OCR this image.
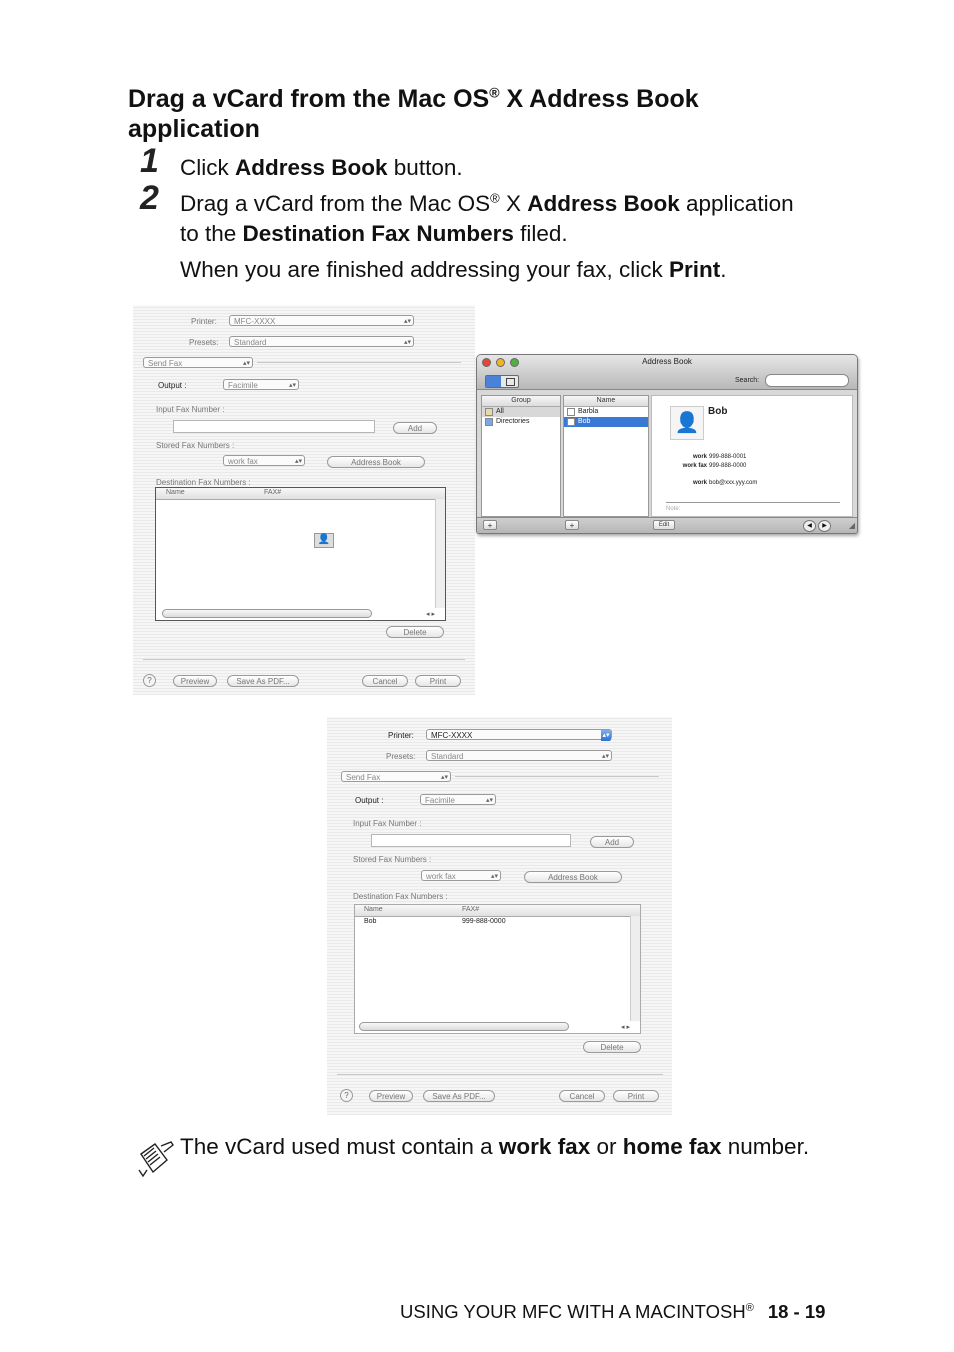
Drag a vCard from the Mac OS® X Address Book
application
1 Click Address Book button.
2 Drag a vCard from the Mac OS® X Address Book application
to the Destination Fax Numbers filed.
When you are finished addressing your fax, click Print.
Printer:	MFC-XXXX	▴▾
Presets:	Standard	▴▾
Send Fax	▴▾
Output :	Facimile	▴▾
Input Fax Number :
Add
Stored Fax Numbers :
work fax	▴▾	Address Book
Destination Fax Numbers :
Name	FAX#
◂ ▸
👤
Delete
?	Preview	Save As PDF...	Cancel	Print
Address Book
Search:
Group
All
Directories
Name
Barbla
Bob	👤
Bob
work 999-888-0001
work fax 999-888-0000
work bob@xxx.yyy.com
Note:
+	+	Edit	◀	▶	◢
Printer:	MFC-XXXX	▴▾
Presets:	Standard	▴▾
Send Fax	▴▾
Output :	Facimile	▴▾
Input Fax Number :
Add
Stored Fax Numbers :
work fax	▴▾	Address Book
Destination Fax Numbers :
Name	FAX#
Bob	999-888-0000
◂ ▸
Delete
?	Preview	Save As PDF...	Cancel	Print
The vCard used must contain a work fax or home fax number.
USING YOUR MFC WITH A MACINTOSH® 18 - 19
